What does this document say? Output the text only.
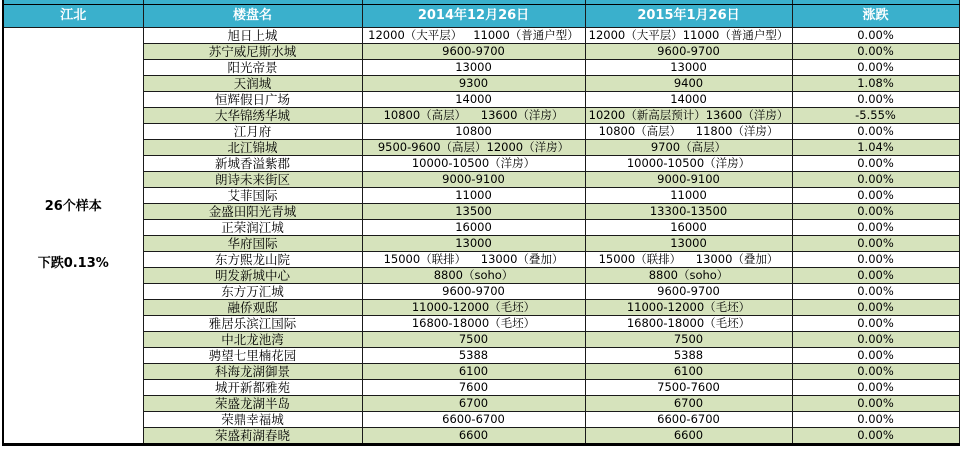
江北	楼盘名	2014年12月26日	2015年1月26日	涨跌

26个样本

下跌0.13%	旭日上城	12000（大平层）   11000（普通户型）	12000（大平层）11000（普通户型）	0.00%
	苏宁威尼斯水城	9600-9700	9600-9700	0.00%
	阳光帝景	13000	13000	0.00%
	天润城	9300	9400	1.08%
	恒辉假日广场	14000	14000	0.00%
	大华锦绣华城	10800（高层）    13600（洋房）	10200（新高层预计）13600（洋房）	-5.55%
	江月府	10800	10800（高层）    11800（洋房）	0.00%
	北江锦城	9500-9600（高层）12000（洋房）	9700（高层）	1.04%
	新城香溢紫郡	10000-10500（洋房）	10000-10500（洋房）	0.00%
	朗诗未来街区	9000-9100	9000-9100	0.00%
	艾菲国际	11000	11000	0.00%
	金盛田阳光青城	13500	13300-13500	0.00%
	正荣润江城	16000	16000	0.00%
	华府国际	13000	13000	0.00%
	东方熙龙山院	15000（联排）    13000（叠加）	15000（联排）    13000（叠加）	0.00%
	明发新城中心	8800（soho）	8800（soho）	0.00%
	东方万汇城	9600-9700	9600-9700	0.00%
	融侨观邸	11000-12000（毛坯）	11000-12000（毛坯）	0.00%
	雅居乐滨江国际	16800-18000（毛坯）	16800-18000（毛坯）	0.00%
	中北龙池湾	7500	7500	0.00%
	骋望七里楠花园	5388	5388	0.00%
	科海龙湖御景	6100	6100	0.00%
	城开新都雅苑	7600	7500-7600	0.00%
	荣盛龙湖半岛	6700	6700	0.00%
	荣鼎幸福城	6600-6700	6600-6700	0.00%
	荣盛莉湖春晓	6600	6600	0.00%
